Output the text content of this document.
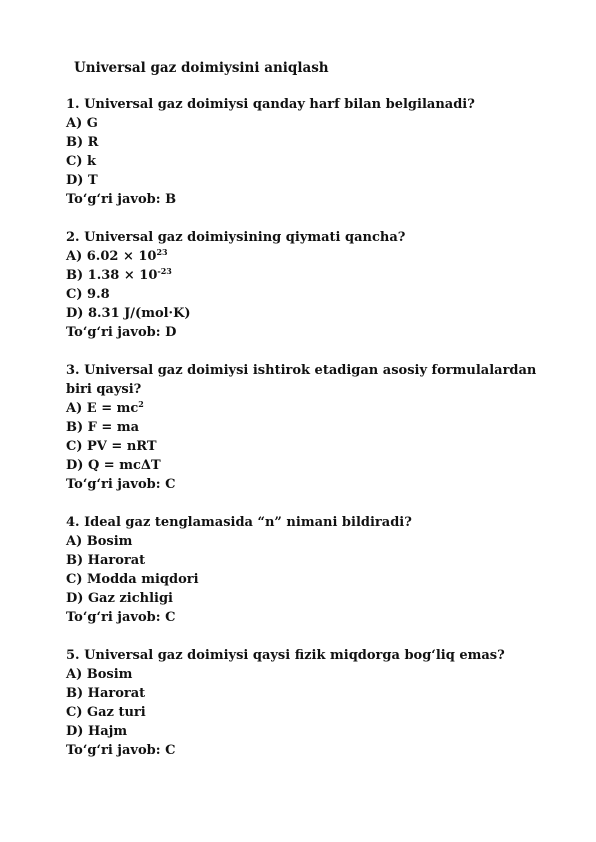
Universal gaz doimiysini aniqlash
1. Universal gaz doimiysi qanday harf bilan belgilanadi?
A) G
B) R
C) k
D) T
To‘g‘ri javob: B
2. Universal gaz doimiysining qiymati qancha?
A) $6.02 \times 10^{23}$
B) $1.38 \times 10^{-23}$
C) 9.8
D) 8.31 J/(mol·K)
To‘g‘ri javob: D
3. Universal gaz doimiysi ishtirok etadigan asosiy formulalardan biri qaysi?
A) $E = mc^2$
B) F = ma
C) PV = nRT
D) Q = mcΔT
To‘g‘ri javob: C
4. Ideal gaz tenglamasida “n” nimani bildiradi?
A) Bosim
B) Harorat
C) Modda miqdori
D) Gaz zichligi
To‘g‘ri javob: C
5. Universal gaz doimiysi qaysi fizik miqdorga bog‘liq emas?
A) Bosim
B) Harorat
C) Gaz turi
D) Hajm
To‘g‘ri javob: C
